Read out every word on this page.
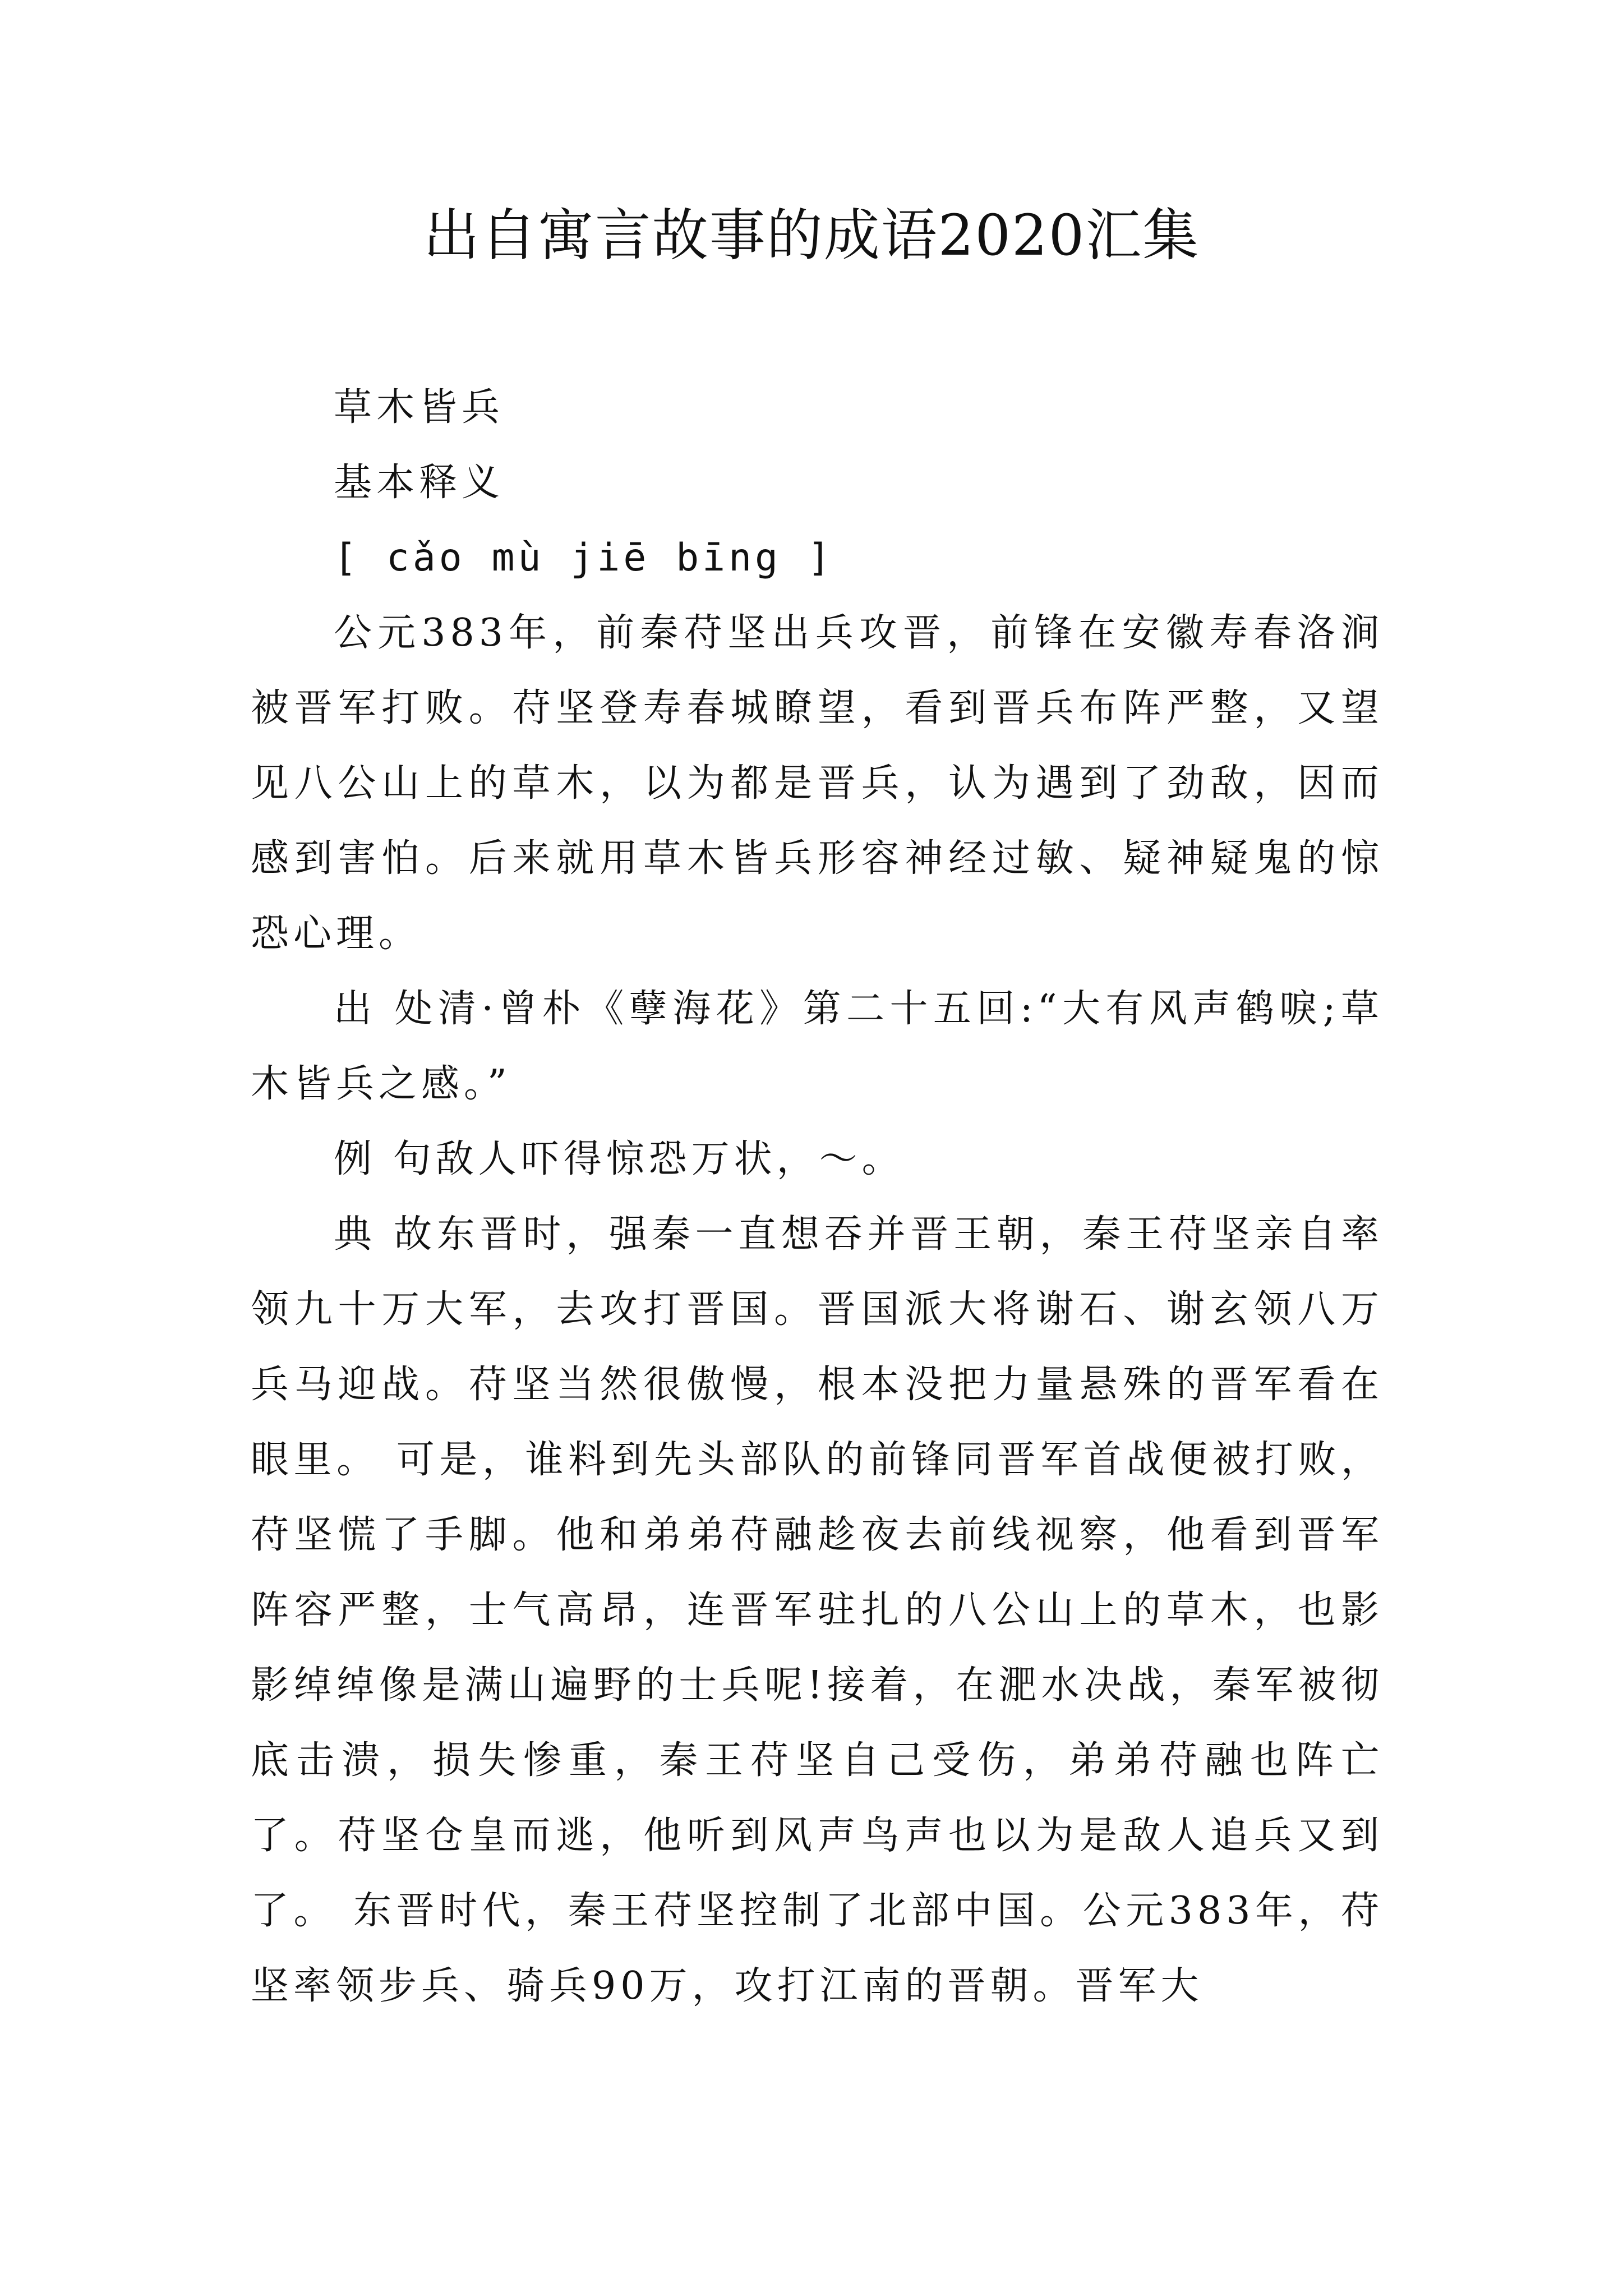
出自寓言故事的成语2020汇集

草木皆兵

基本释义

[ cǎo mù jiē bīng ]

公元383年，前秦苻坚出兵攻晋，前锋在安徽寿春洛涧被晋军打败。苻坚登寿春城瞭望，看到晋兵布阵严整，又望见八公山上的草木，以为都是晋兵，认为遇到了劲敌，因而感到害怕。后来就用草木皆兵形容神经过敏、疑神疑鬼的惊恐心理。

出 处清·曾朴《孽海花》第二十五回:“大有风声鹤唳;草木皆兵之感。”

例 句敌人吓得惊恐万状，～。

典 故东晋时，强秦一直想吞并晋王朝，秦王苻坚亲自率领九十万大军，去攻打晋国。晋国派大将谢石、谢玄领八万兵马迎战。苻坚当然很傲慢，根本没把力量悬殊的晋军看在眼里。 可是，谁料到先头部队的前锋同晋军首战便被打败，苻坚慌了手脚。他和弟弟苻融趁夜去前线视察，他看到晋军阵容严整，士气高昂，连晋军驻扎的八公山上的草木，也影影绰绰像是满山遍野的士兵呢!接着，在淝水决战，秦军被彻底击溃，损失惨重，秦王苻坚自己受伤，弟弟苻融也阵亡了。苻坚仓皇而逃，他听到风声鸟声也以为是敌人追兵又到了。 东晋时代，秦王苻坚控制了北部中国。公元383年，苻坚率领步兵、骑兵90万，攻打江南的晋朝。晋军大
